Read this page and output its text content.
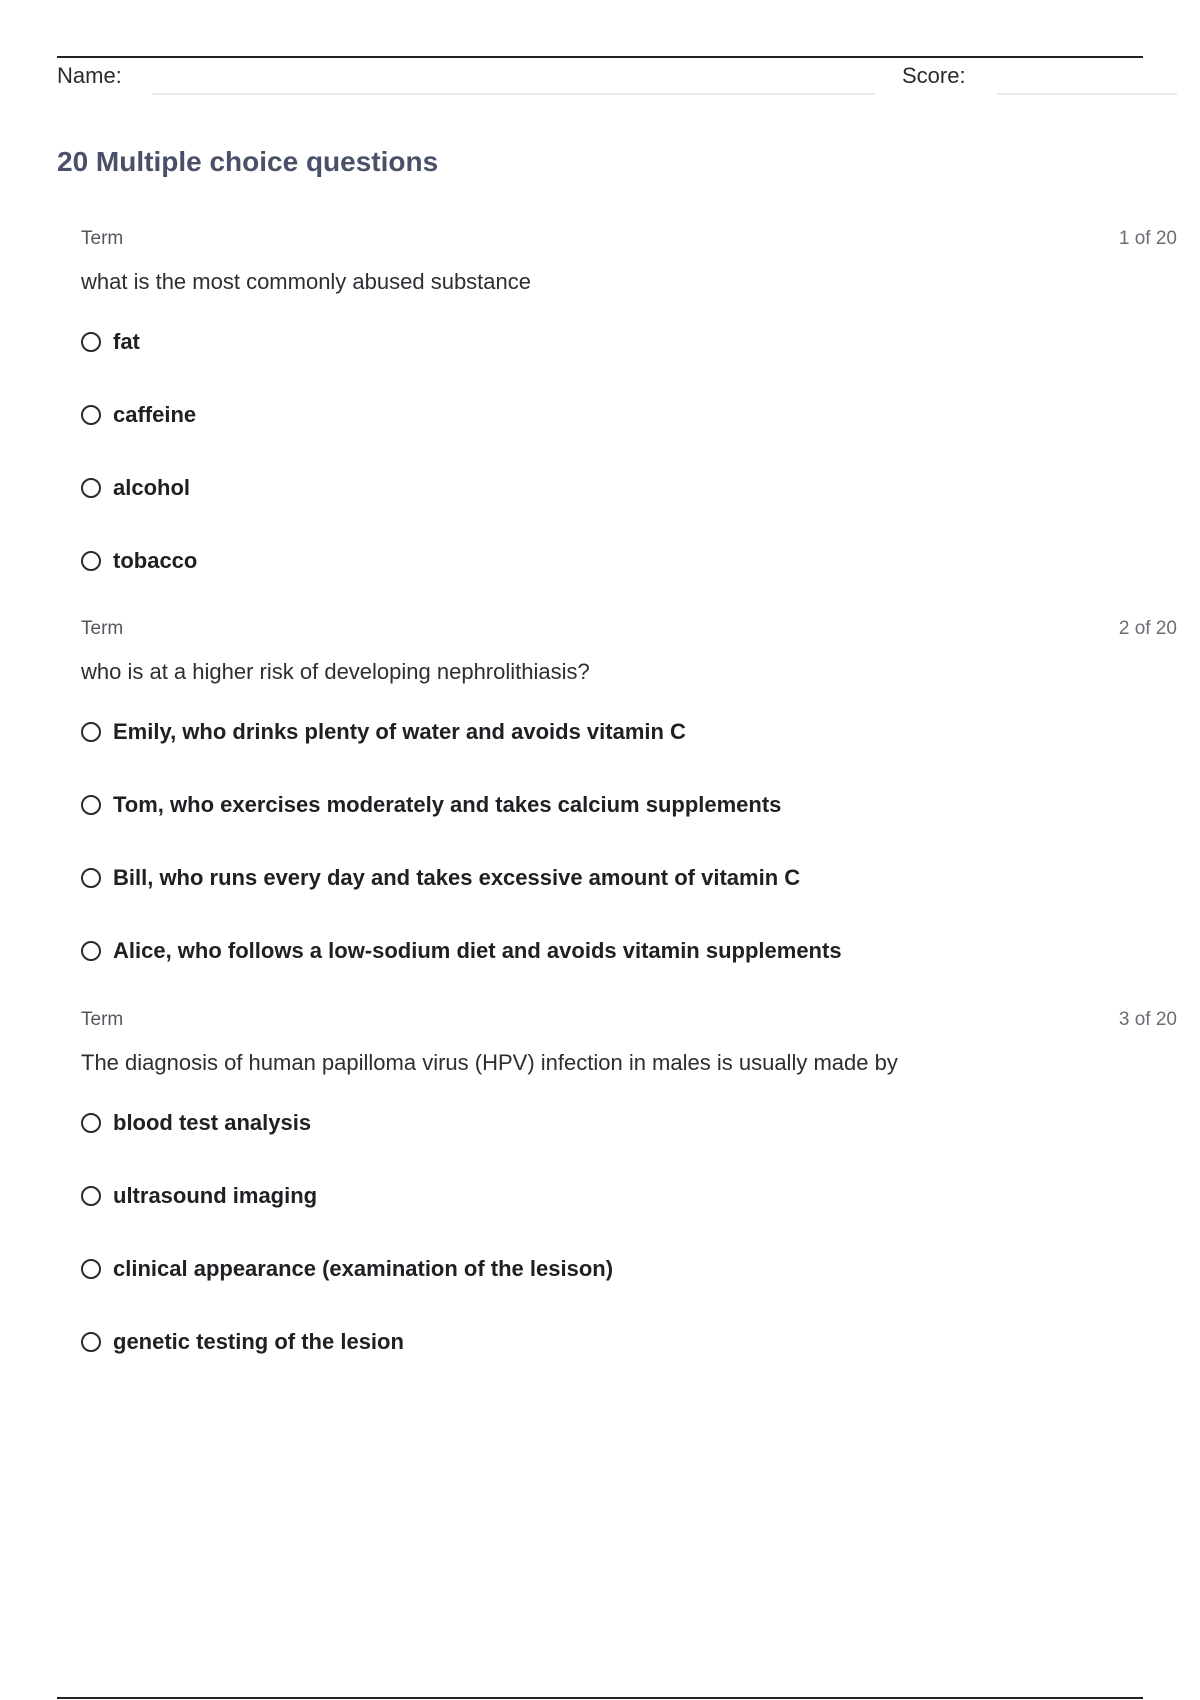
Name:	Score:
20 Multiple choice questions
Term	1 of 20
what is the most commonly abused substance
fat
caffeine
alcohol
tobacco
Term	2 of 20
who is at a higher risk of developing nephrolithiasis?
Emily, who drinks plenty of water and avoids vitamin C
Tom, who exercises moderately and takes calcium supplements
Bill, who runs every day and takes excessive amount of vitamin C
Alice, who follows a low-sodium diet and avoids vitamin supplements
Term	3 of 20
The diagnosis of human papilloma virus (HPV) infection in males is usually made by
blood test analysis
ultrasound imaging
clinical appearance (examination of the lesison)
genetic testing of the lesion
